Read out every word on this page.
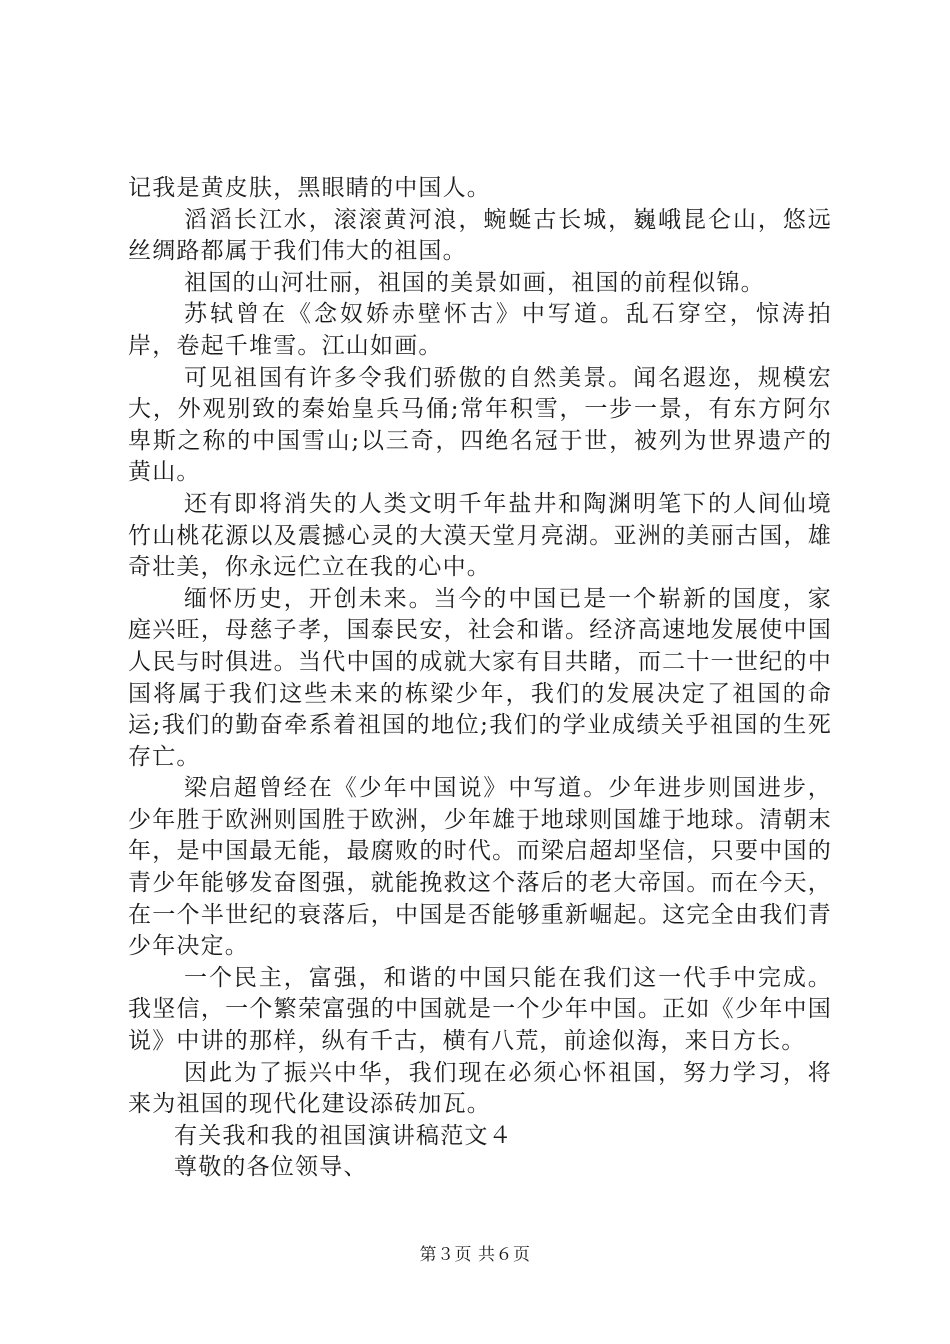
记我是黄皮肤，黑眼睛的中国人。

滔滔长江水，滚滚黄河浪，蜿蜒古长城，巍峨昆仑山，悠远丝绸路都属于我们伟大的祖国。

祖国的山河壮丽，祖国的美景如画，祖国的前程似锦。

苏轼曾在《念奴娇赤壁怀古》中写道。乱石穿空，惊涛拍岸，卷起千堆雪。江山如画。

可见祖国有许多令我们骄傲的自然美景。闻名遐迩，规模宏大，外观别致的秦始皇兵马俑;常年积雪，一步一景，有东方阿尔卑斯之称的中国雪山;以三奇，四绝名冠于世，被列为世界遗产的黄山。

还有即将消失的人类文明千年盐井和陶渊明笔下的人间仙境竹山桃花源以及震撼心灵的大漠天堂月亮湖。亚洲的美丽古国，雄奇壮美，你永远伫立在我的心中。

缅怀历史，开创未来。当今的中国已是一个崭新的国度，家庭兴旺，母慈子孝，国泰民安，社会和谐。经济高速地发展使中国人民与时俱进。当代中国的成就大家有目共睹，而二十一世纪的中国将属于我们这些未来的栋梁少年，我们的发展决定了祖国的命运;我们的勤奋牵系着祖国的地位;我们的学业成绩关乎祖国的生死存亡。

梁启超曾经在《少年中国说》中写道。少年进步则国进步，少年胜于欧洲则国胜于欧洲，少年雄于地球则国雄于地球。清朝末年，是中国最无能，最腐败的时代。而梁启超却坚信，只要中国的青少年能够发奋图强，就能挽救这个落后的老大帝国。而在今天，在一个半世纪的衰落后，中国是否能够重新崛起。这完全由我们青少年决定。

一个民主，富强，和谐的中国只能在我们这一代手中完成。我坚信，一个繁荣富强的中国就是一个少年中国。正如《少年中国说》中讲的那样，纵有千古，横有八荒，前途似海，来日方长。

因此为了振兴中华，我们现在必须心怀祖国，努力学习，将来为祖国的现代化建设添砖加瓦。

有关我和我的祖国演讲稿范文４

尊敬的各位领导、

第３页 共６页
